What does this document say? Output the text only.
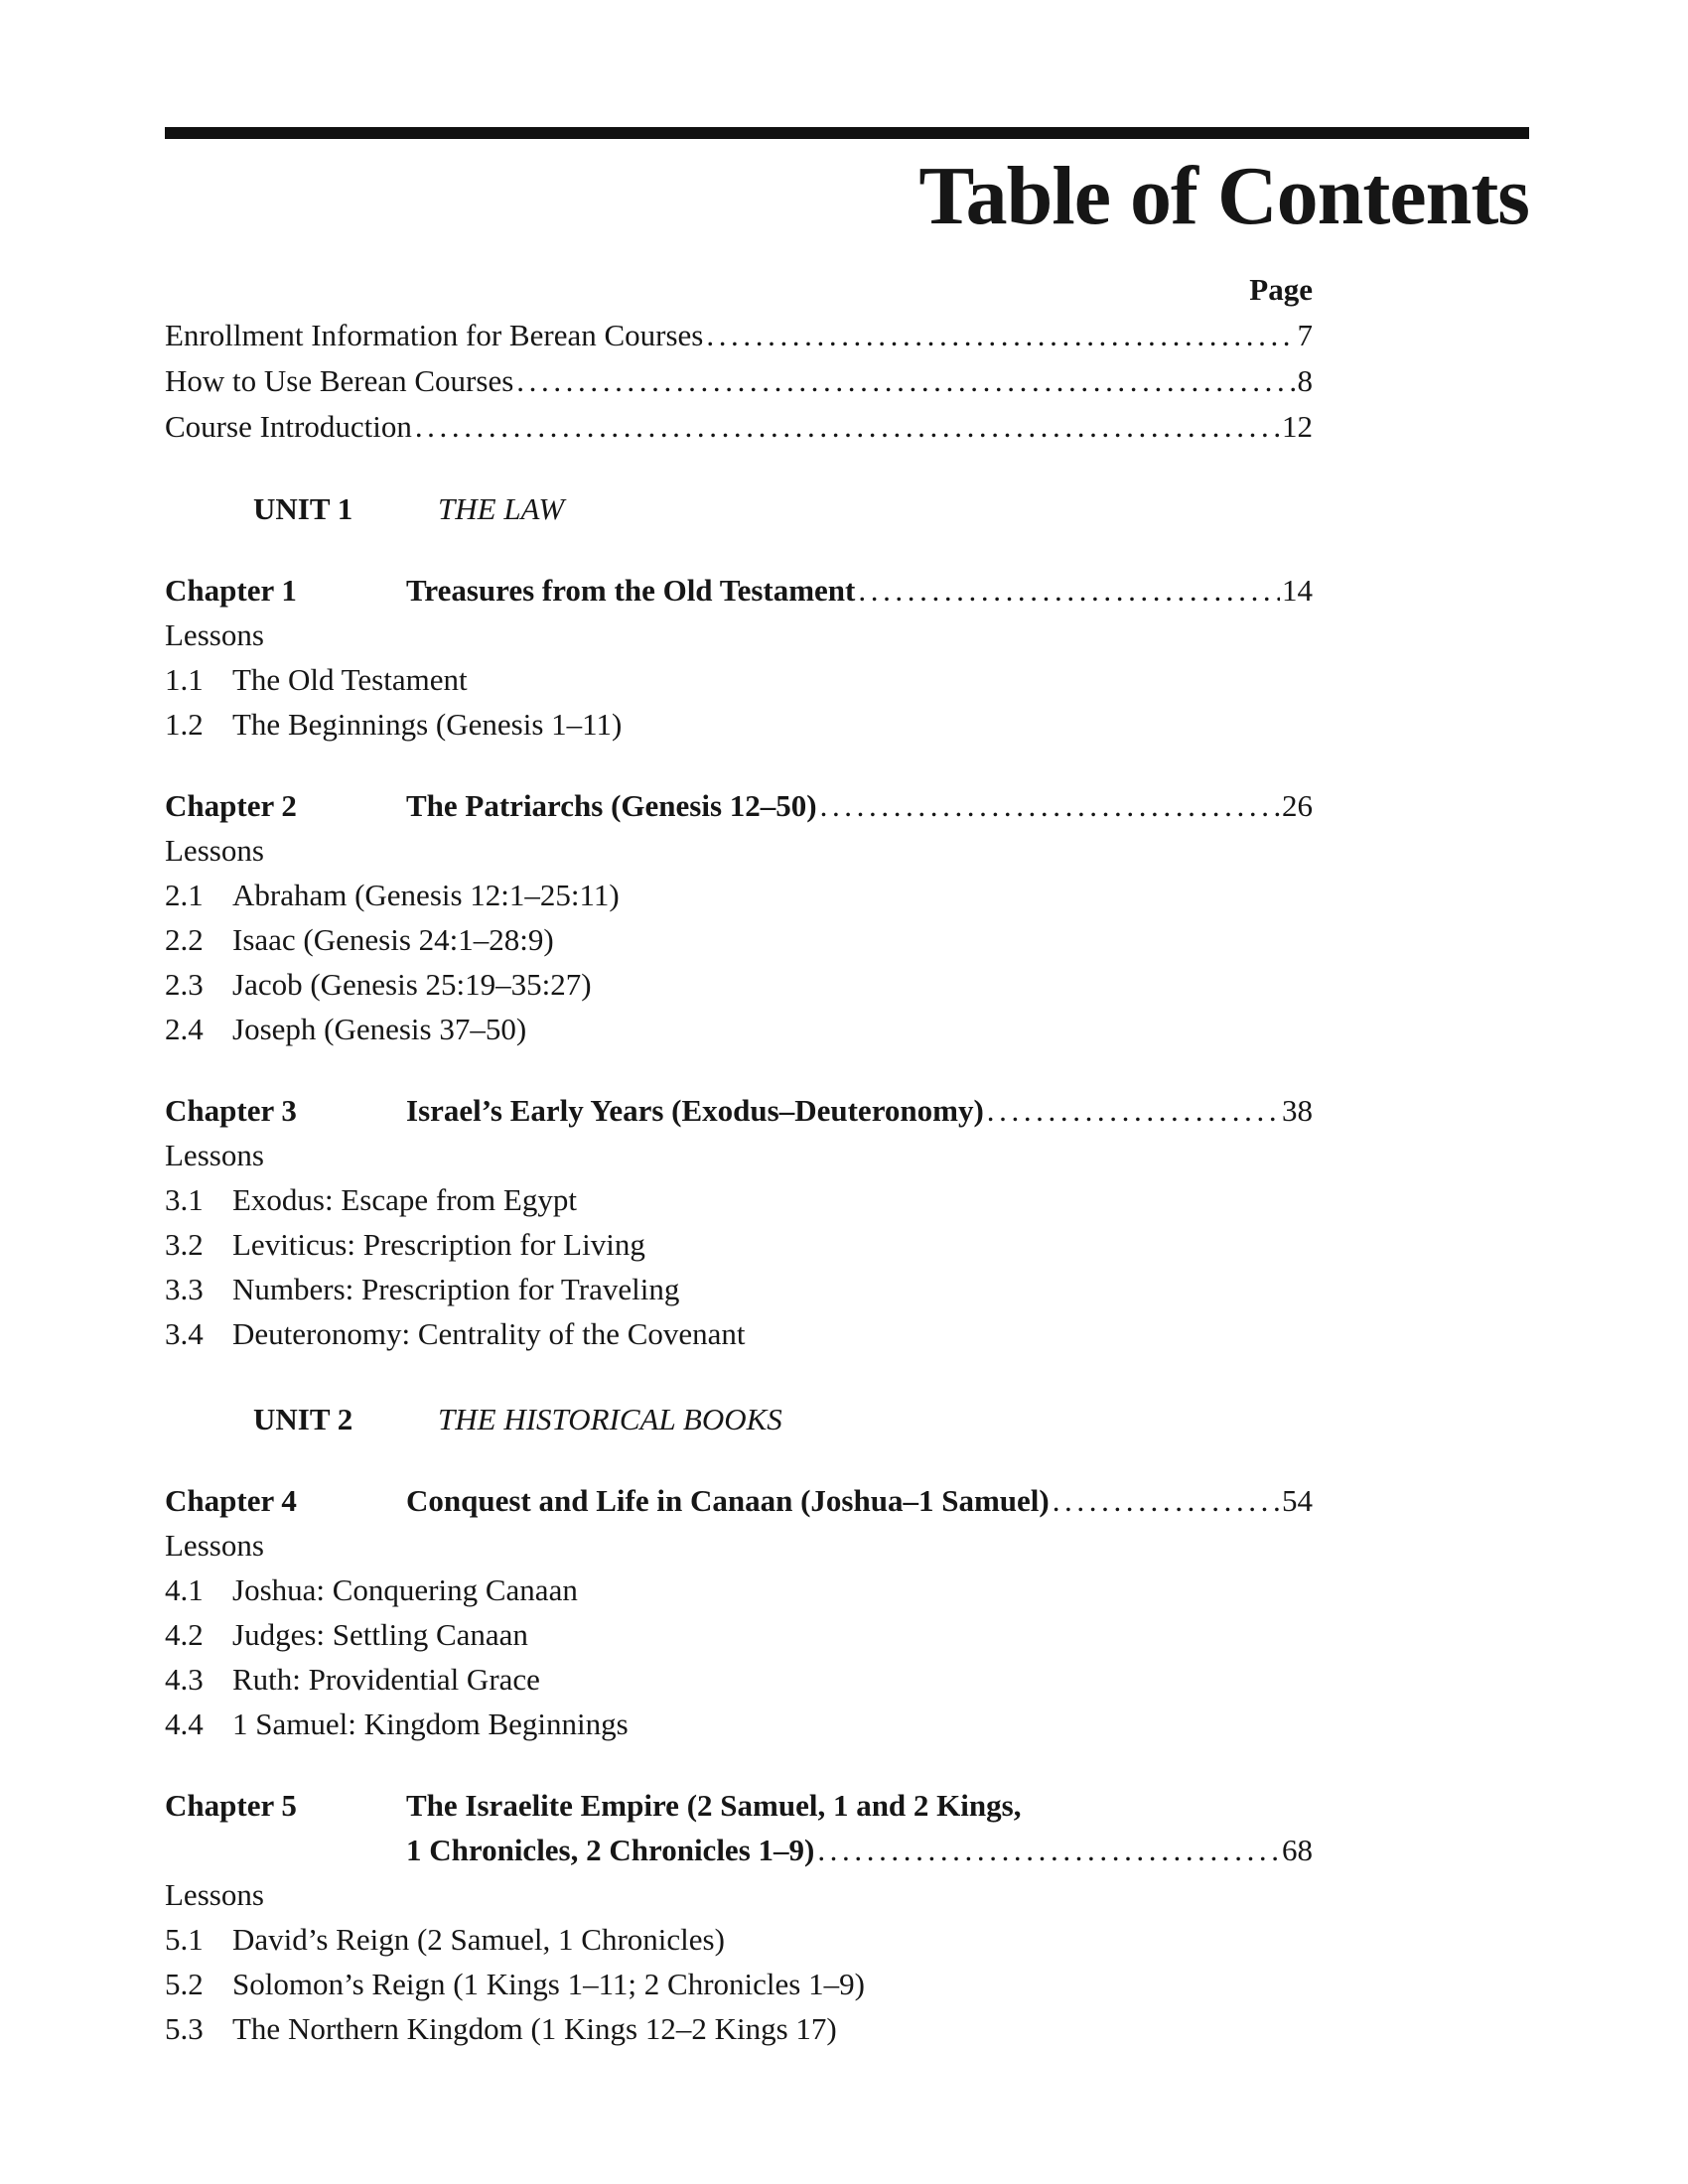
Table of Contents
Page
Enrollment Information for Berean Courses .....	7
How to Use Berean Courses .....	8
Course Introduction .....	12
UNIT 1	THE LAW
Chapter 1	Treasures from the Old Testament .....	14
Lessons
1.1 The Old Testament
1.2 The Beginnings (Genesis 1–11)
Chapter 2	The Patriarchs (Genesis 12–50) .....	26
Lessons
2.1 Abraham (Genesis 12:1–25:11)
2.2 Isaac (Genesis 24:1–28:9)
2.3 Jacob (Genesis 25:19–35:27)
2.4 Joseph (Genesis 37–50)
Chapter 3	Israel’s Early Years (Exodus–Deuteronomy) .....	38
Lessons
3.1 Exodus: Escape from Egypt
3.2 Leviticus: Prescription for Living
3.3 Numbers: Prescription for Traveling
3.4 Deuteronomy: Centrality of the Covenant
UNIT 2	THE HISTORICAL BOOKS
Chapter 4	Conquest and Life in Canaan (Joshua–1 Samuel) .....	54
Lessons
4.1 Joshua: Conquering Canaan
4.2 Judges: Settling Canaan
4.3 Ruth: Providential Grace
4.4 1 Samuel: Kingdom Beginnings
Chapter 5	The Israelite Empire (2 Samuel, 1 and 2 Kings,
1 Chronicles, 2 Chronicles 1–9) .....	68
Lessons
5.1 David’s Reign (2 Samuel, 1 Chronicles)
5.2 Solomon’s Reign (1 Kings 1–11; 2 Chronicles 1–9)
5.3 The Northern Kingdom (1 Kings 12–2 Kings 17)
